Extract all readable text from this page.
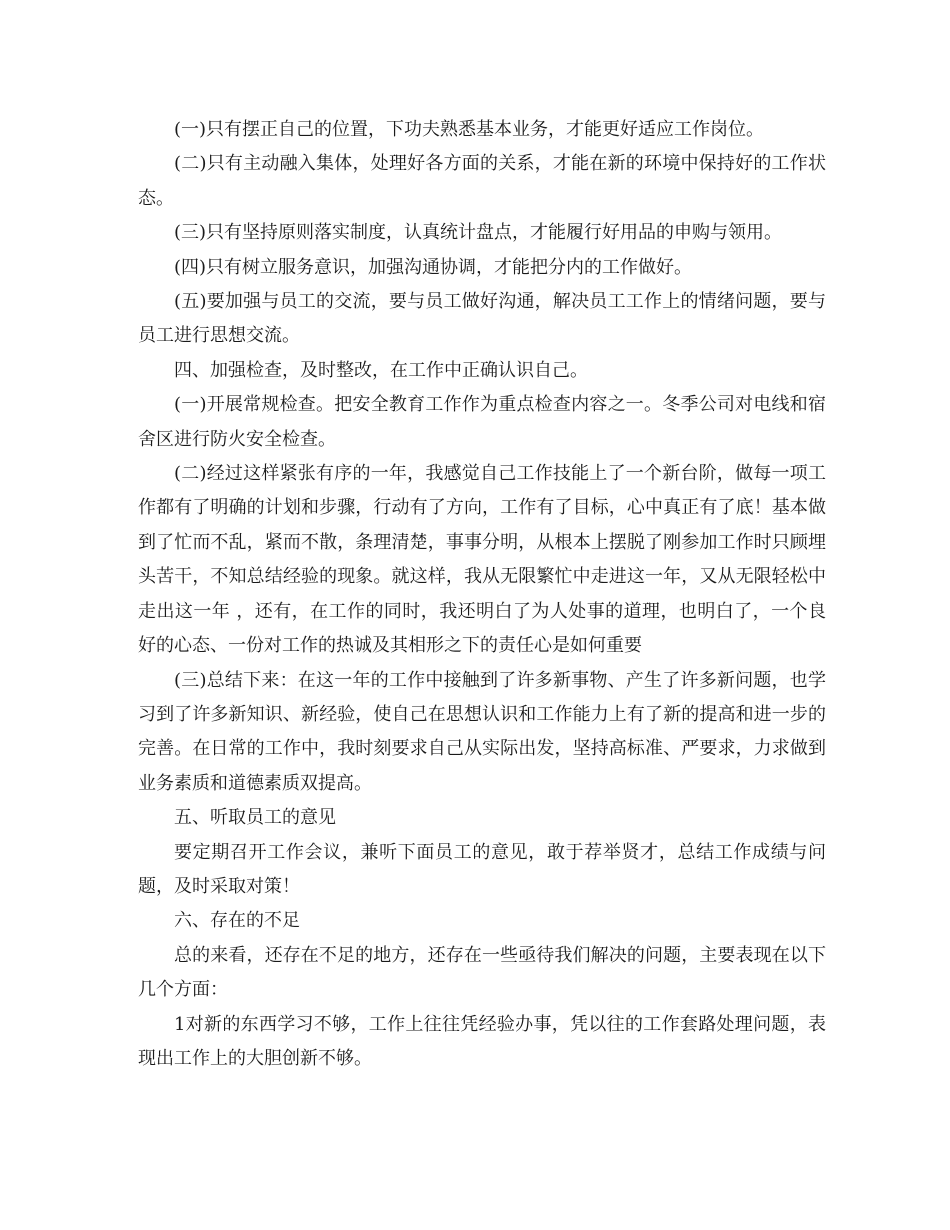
(一)只有摆正自己的位置，下功夫熟悉基本业务，才能更好适应工作岗位。

(二)只有主动融入集体，处理好各方面的关系，才能在新的环境中保持好的工作状态。

(三)只有坚持原则落实制度，认真统计盘点，才能履行好用品的申购与领用。

(四)只有树立服务意识，加强沟通协调，才能把分内的工作做好。

(五)要加强与员工的交流，要与员工做好沟通，解决员工工作上的情绪问题，要与员工进行思想交流。

四、加强检查，及时整改，在工作中正确认识自己。

(一)开展常规检查。把安全教育工作作为重点检查内容之一。冬季公司对电线和宿舍区进行防火安全检查。

(二)经过这样紧张有序的一年，我感觉自己工作技能上了一个新台阶，做每一项工作都有了明确的计划和步骤，行动有了方向，工作有了目标，心中真正有了底！基本做到了忙而不乱，紧而不散，条理清楚，事事分明，从根本上摆脱了刚参加工作时只顾埋头苦干，不知总结经验的现象。就这样，我从无限繁忙中走进这一年，又从无限轻松中走出这一年 ，还有，在工作的同时，我还明白了为人处事的道理，也明白了，一个良好的心态、一份对工作的热诚及其相形之下的责任心是如何重要

(三)总结下来：在这一年的工作中接触到了许多新事物、产生了许多新问题，也学习到了许多新知识、新经验，使自己在思想认识和工作能力上有了新的提高和进一步的完善。在日常的工作中，我时刻要求自己从实际出发，坚持高标准、严要求，力求做到业务素质和道德素质双提高。

五、听取员工的意见

要定期召开工作会议，兼听下面员工的意见，敢于荐举贤才，总结工作成绩与问题，及时采取对策！

六、存在的不足

总的来看，还存在不足的地方，还存在一些亟待我们解决的问题，主要表现在以下几个方面：

1对新的东西学习不够，工作上往往凭经验办事，凭以往的工作套路处理问题，表现出工作上的大胆创新不够。
